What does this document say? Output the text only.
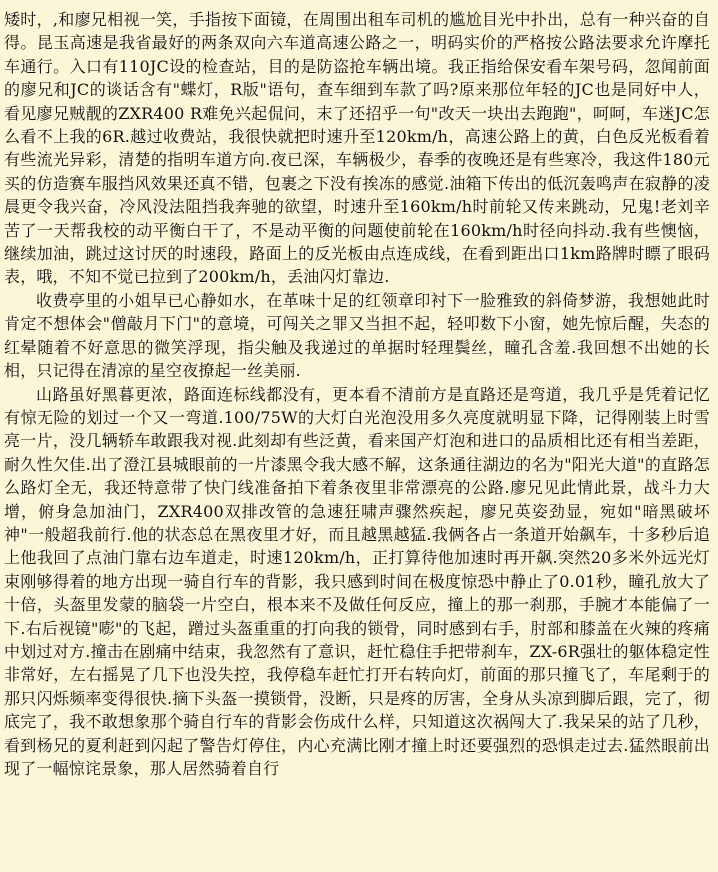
矮时，,和廖兄相视一笑，手指按下面镜，在周围出租车司机的尴尬目光中扑出，总有一种兴奋的自得。昆玉高速是我省最好的两条双向六车道高速公路之一，明码实价的严格按公路法要求允许摩托车通行。入口有110JC设的检查站，目的是防盗抢车辆出境。我正指给保安看车架号码，忽闻前面的廖兄和JC的谈话含有"蝶灯，R版"语句，查车细到车款了吗?原来那位年轻的JC也是同好中人，看见廖兄贼靓的ZXR400 R难免兴起侃问，末了还招乎一句"改天一块出去跑跑"，呵呵，车迷JC怎么看不上我的6R.越过收费站，我很快就把时速升至120km/h，高速公路上的黄，白色反光板看着有些流光异彩，清楚的指明车道方向.夜已深，车辆极少，春季的夜晚还是有些寒冷，我这件180元买的仿造赛车服挡风效果还真不错，包裹之下没有挨冻的感觉.油箱下传出的低沉轰鸣声在寂静的凌晨更令我兴奋，冷风没法阻挡我奔驰的欲望，时速升至160km/h时前轮又传来跳动，兄鬼!老刘辛苦了一天帮我校的动平衡白干了，不是动平衡的问题使前轮在160km/h时径向抖动.我有些懊恼，继续加油，跳过这讨厌的时速段，路面上的反光板由点连成线，在看到距出口1km路牌时瞟了眼码表，哦，不知不觉已拉到了200km/h，丢油闪灯靠边.

收费亭里的小姐早已心静如水，在革味十足的红领章印衬下一脸雅致的斜倚梦游，我想她此时肯定不想体会"僧敲月下门"的意境，可闯关之罪又当担不起，轻叩数下小窗，她先惊后醒，失态的红晕随着不好意思的微笑浮现，指尖触及我递过的单据时轻理鬓丝，瞳孔含羞.我回想不出她的长相，只记得在清凉的星空夜撩起一丝美丽.

山路虽好黑暮更浓，路面连标线都没有，更本看不清前方是直路还是弯道，我几乎是凭着记忆有惊无险的划过一个又一弯道.100/75W的大灯白光泡没用多久亮度就明显下降，记得刚装上时雪亮一片，没几辆轿车敢跟我对视.此刻却有些泛黄，看来国产灯泡和进口的品质相比还有相当差距，耐久性欠佳.出了澄江县城眼前的一片漆黑令我大感不解，这条通往湖边的名为"阳光大道"的直路怎么路灯全无，我还特意带了快门线准备拍下着条夜里非常漂亮的公路.廖兄见此情此景，战斗力大增，俯身急加油门，ZXR400双排改管的急速狂啸声骤然疾起，廖兄英姿劲显，宛如"暗黑破坏神"一般超我前行.他的状态总在黑夜里才好，而且越黑越猛.我俩各占一条道开始飙车，十多秒后追上他我回了点油门靠右边车道走，时速120km/h，正打算待他加速时再开飙.突然20多米外远光灯束刚够得着的地方出现一骑自行车的背影，我只感到时间在极度惊恐中静止了0.01秒，瞳孔放大了十倍，头盔里发蒙的脑袋一片空白，根本来不及做任何反应，撞上的那一刹那，手腕才本能偏了一下.右后视镜"嘭"的飞起，蹭过头盔重重的打向我的锁骨，同时感到右手，肘部和膝盖在火辣的疼痛中划过对方.撞击在剧痛中结束，我忽然有了意识，赶忙稳住手把带刹车，ZX-6R强壮的躯体稳定性非常好，左右摇晃了几下也没失控，我停稳车赶忙打开右转向灯，前面的那只撞飞了，车尾剩于的那只闪烁频率变得很快.摘下头盔一摸锁骨，没断，只是疼的厉害，全身从头凉到脚后跟，完了，彻底完了，我不敢想象那个骑自行车的背影会伤成什么样，只知道这次祸闯大了.我呆呆的站了几秒，看到杨兄的夏利赶到闪起了警告灯停住，内心充满比刚才撞上时还要强烈的恐惧走过去.猛然眼前出现了一幅惊诧景象，那人居然骑着自行
